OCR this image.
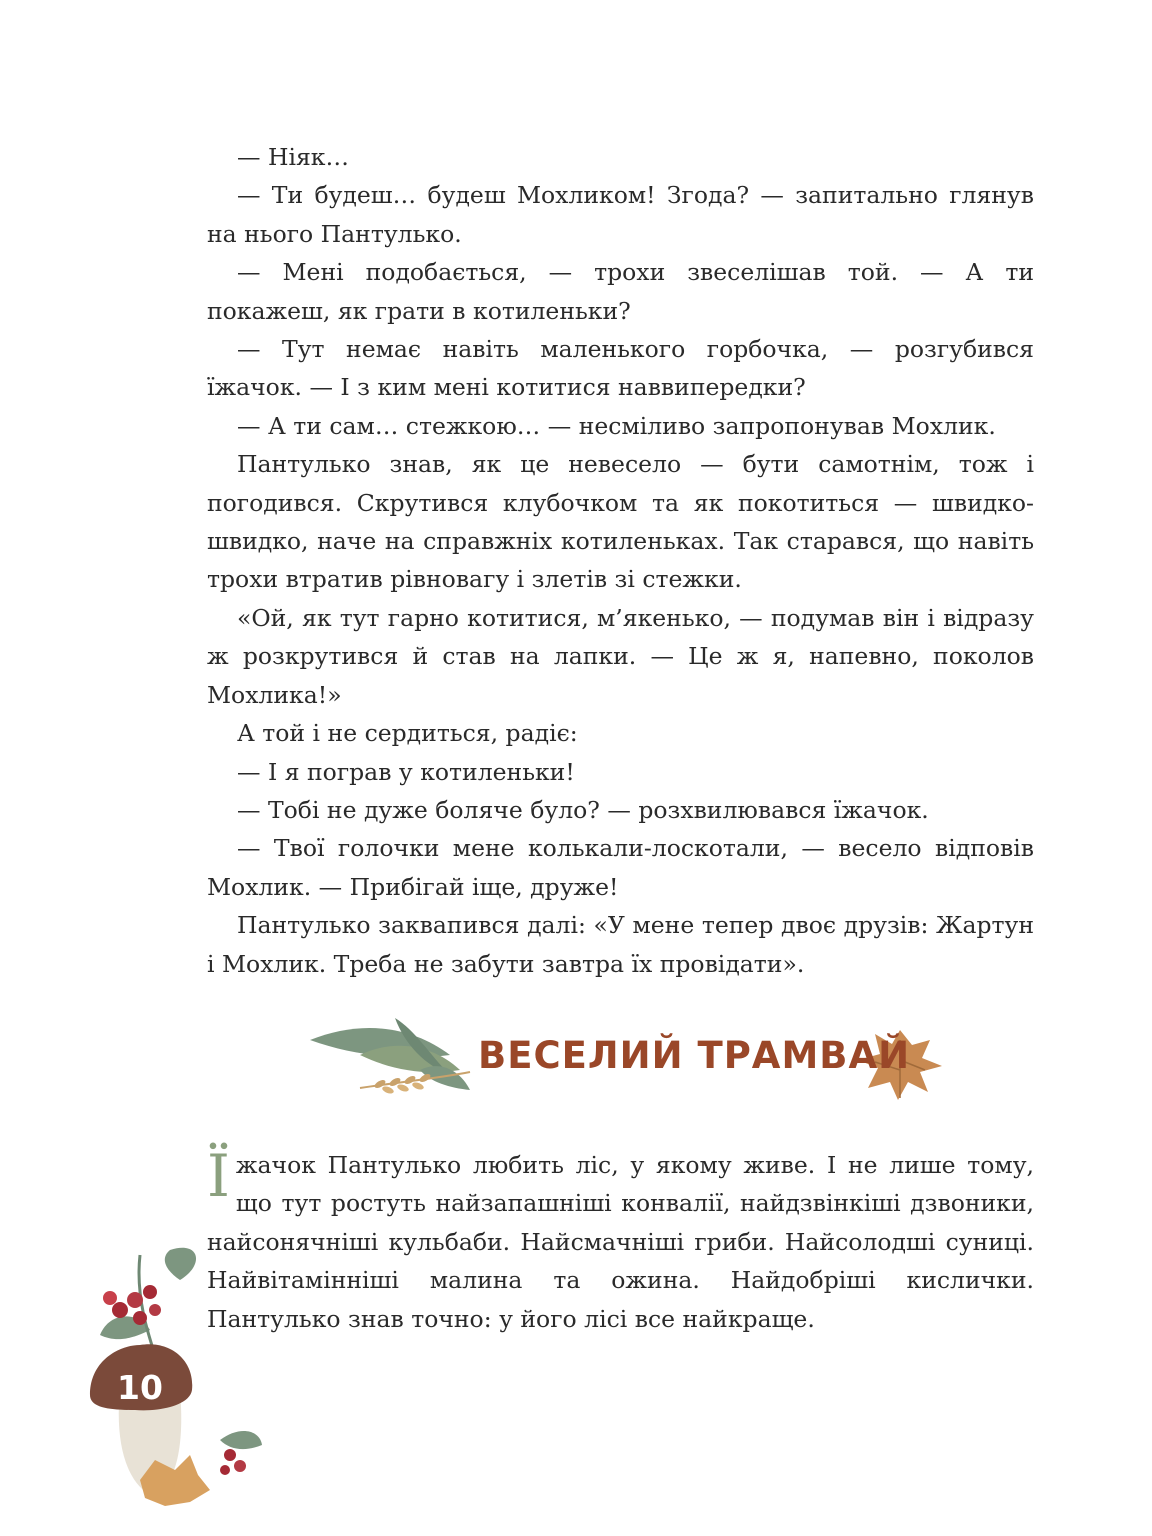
— Ніяк…

— Ти будеш… будеш Мохликом! Згода? — запитально глянув на нього Пантулько.

— Мені подобається, — трохи звеселішав той. — А ти покажеш, як грати в котиленьки?

— Тут немає навіть маленького горбочка, — розгубився їжачок. — І з ким мені котитися наввипередки?

— А ти сам… стежкою… — несміливо запропонував Мохлик.

Пантулько знав, як це невесело — бути самотнім, тож і погодився. Скрутився клубочком та як покотиться — швидко-швидко, наче на справжніх котиленьках. Так старався, що навіть трохи втратив рівновагу і злетів зі стежки.

«Ой, як тут гарно котитися, м’якенько, — подумав він і відразу ж розкрутився й став на лапки. — Це ж я, напевно, поколов Мохлика!»

А той і не сердиться, радіє:

— І я пограв у котиленьки!

— Тобі не дуже боляче було? — розхвилювався їжачок.

— Твої голочки мене колькали-лоскотали, — весело відповів Мохлик. — Прибігай іще, друже!

Пантулько заквапився далі: «У мене тепер двоє друзів: Жартун і Мохлик. Треба не забути завтра їх провідати».

ВЕСЕЛИЙ ТРАМВАЙ

Їжачок Пантулько любить ліс, у якому живе. І не лише тому, що тут ростуть найзапашніші конвалії, найдзвінкіші дзвоники, найсонячніші кульбаби. Найсмачніші гриби. Найсолодші суниці. Найвітамінніші малина та ожина. Найдобріші кислички. Пантулько знав точно: у його лісі все найкраще.

10
